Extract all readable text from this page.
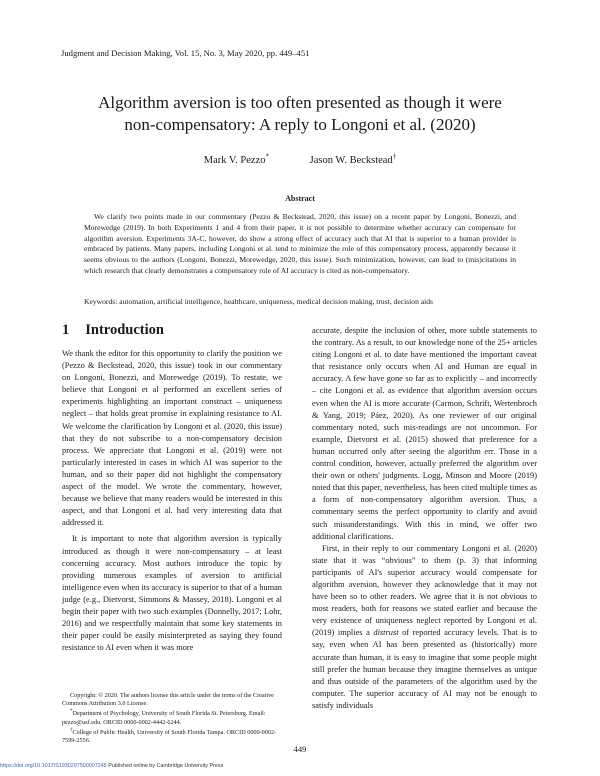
Judgment and Decision Making, Vol. 15, No. 3, May 2020, pp. 449–451
Algorithm aversion is too often presented as though it were
non-compensatory: A reply to Longoni et al. (2020)
Mark V. Pezzo*	Jason W. Beckstead†
Abstract

We clarify two points made in our commentary (Pezzo & Beckstead, 2020, this issue) on a recent paper by Longoni, Bonezzi, and Morewedge (2019). In both Experiments 1 and 4 from their paper, it is not possible to determine whether accuracy can compensate for algorithm aversion. Experiments 3A-C, however, do show a strong effect of accuracy such that AI that is superior to a human provider is embraced by patients. Many papers, including Longoni et al. tend to minimize the role of this compensatory process, apparently because it seems obvious to the authors (Longoni, Bonezzi, Morewedge, 2020, this issue). Such minimization, however, can lead to (mis)citations in which research that clearly demonstrates a compensatory role of AI accuracy is cited as non-compensatory.

Keywords: automation, artificial intelligence, healthcare, uniqueness, medical decision making, trust, decision aids

1 Introduction

We thank the editor for this opportunity to clarify the position we (Pezzo & Beckstead, 2020, this issue) took in our commentary on Longoni, Bonezzi, and Morewedge (2019). To restate, we believe that Longoni et al performed an excellent series of experiments highlighting an important construct – uniqueness neglect – that holds great promise in explaining resistance to AI. We welcome the clarification by Longoni et al. (2020, this issue) that they do not subscribe to a non-compensatory decision process. We appreciate that Longoni et al. (2019) were not particularly interested in cases in which AI was superior to the human, and so their paper did not highlight the compensatory aspect of the model. We wrote the commentary, however, because we believe that many readers would be interested in this aspect, and that Longoni et al. had very interesting data that addressed it.

It is important to note that algorithm aversion is typically introduced as though it were non-compensatory – at least concerning accuracy. Most authors introduce the topic by providing numerous examples of aversion to artificial intelligence even when its accuracy is superior to that of a human judge (e.g., Dietvorst, Simmons & Massey, 2018). Longoni et al begin their paper with two such examples (Donnelly, 2017; Lohr, 2016) and we respectfully maintain that some key statements in their paper could be easily misinterpreted as saying they found resistance to AI even when it was more

Copyright: © 2020. The authors license this article under the terms of the Creative Commons Attribution 3.0 License.

*Department of Psychology, University of South Florida St. Petersburg. Email: pezzo@usf.edu. ORCID 0000-0002-4442-6244.

†College of Public Health, University of South Florida Tampa. ORCID 0000-0002-7599-2556.

accurate, despite the inclusion of other, more subtle statements to the contrary. As a result, to our knowledge none of the 25+ articles citing Longoni et al. to date have mentioned the important caveat that resistance only occurs when AI and Human are equal in accuracy. A few have gone so far as to explicitly – and incorrectly – cite Longoni et al. as evidence that algorithm aversion occurs even when the AI is more accurate (Carmon, Schrift, Wertenbroch & Yang, 2019; Páez, 2020). As one reviewer of our original commentary noted, such mis-readings are not uncommon. For example, Dietvorst et al. (2015) showed that preference for a human occurred only after seeing the algorithm err. Those in a control condition, however, actually preferred the algorithm over their own or others' judgments. Logg, Minson and Moore (2019) noted that this paper, nevertheless, has been cited multiple times as a form of non-compensatory algorithm aversion. Thus, a commentary seems the perfect opportunity to clarify and avoid such misunderstandings. With this in mind, we offer two additional clarifications.

First, in their reply to our commentary Longoni et al. (2020) state that it was “obvious” to them (p. 3) that informing participants of AI's superior accuracy would compensate for algorithm aversion, however they acknowledge that it may not have been so to other readers. We agree that it is not obvious to most readers, both for reasons we stated earlier and because the very existence of uniqueness neglect reported by Longoni et al. (2019) implies a distrust of reported accuracy levels. That is to say, even when AI has been presented as (historically) more accurate than human, it is easy to imagine that some people might still prefer the human because they imagine themselves as unique and thus outside of the parameters of the algorithm used by the computer. The superior accuracy of AI may not be enough to satisfy individuals

449
https://doi.org/10.1017/S1930297500007245 Published online by Cambridge University Press
